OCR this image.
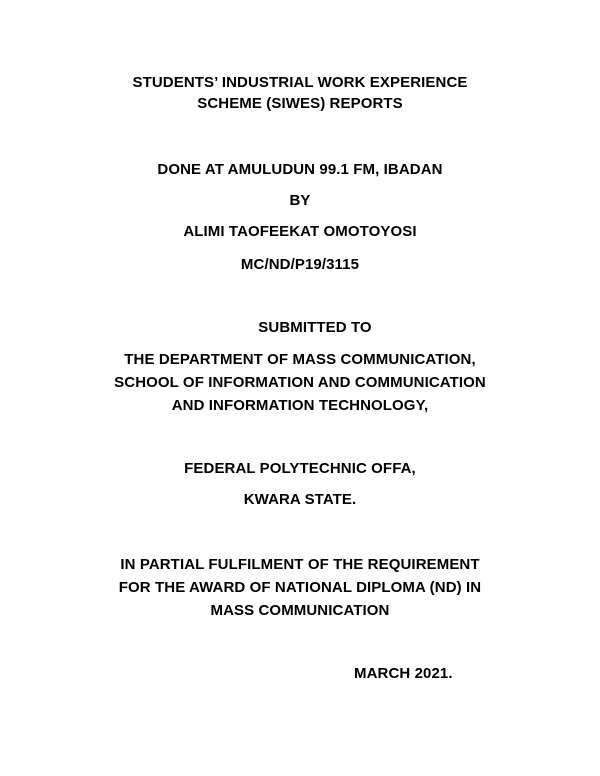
STUDENTS’ INDUSTRIAL WORK EXPERIENCE
SCHEME (SIWES) REPORTS
DONE AT AMULUDUN 99.1 FM, IBADAN
BY
ALIMI TAOFEEKAT OMOTOYOSI
MC/ND/P19/3115
SUBMITTED TO
THE DEPARTMENT OF MASS COMMUNICATION,
SCHOOL OF INFORMATION AND COMMUNICATION
AND INFORMATION TECHNOLOGY,
FEDERAL POLYTECHNIC OFFA,
KWARA STATE.
IN PARTIAL FULFILMENT OF THE REQUIREMENT
FOR THE AWARD OF NATIONAL DIPLOMA (ND) IN
MASS COMMUNICATION
MARCH 2021.
